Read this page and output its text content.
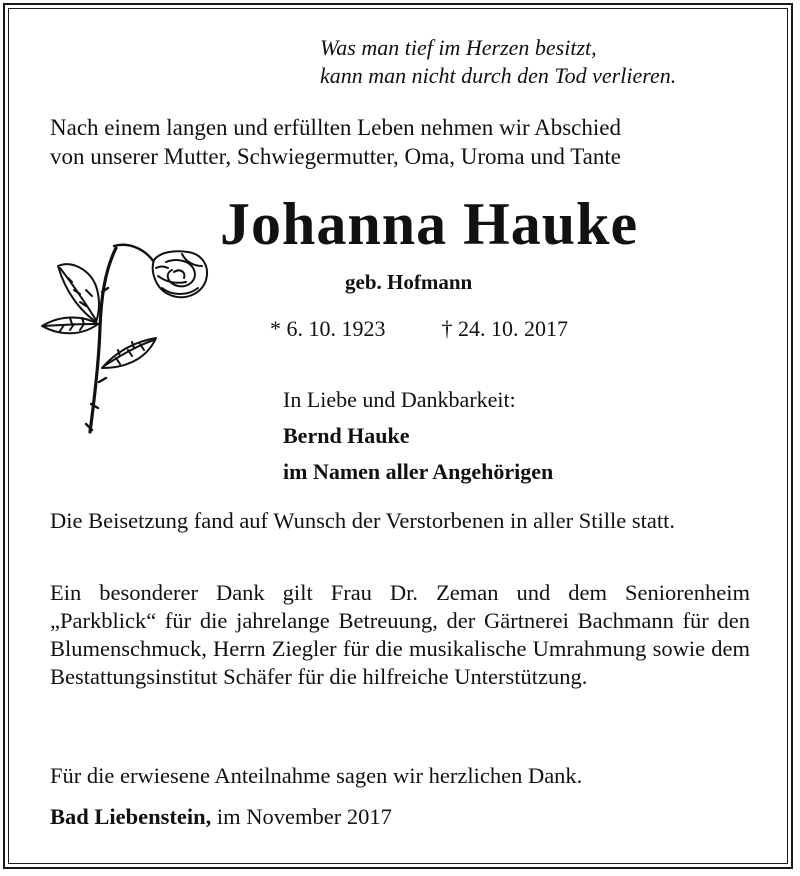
Was man tief im Herzen besitzt,
kann man nicht durch den Tod verlieren.
Nach einem langen und erfüllten Leben nehmen wir Abschied
von unserer Mutter, Schwiegermutter, Oma, Uroma und Tante
Johanna Hauke
geb. Hofmann
* 6. 10. 1923	† 24. 10. 2017
In Liebe und Dankbarkeit:
Bernd Hauke
im Namen aller Angehörigen
Die Beisetzung fand auf Wunsch der Verstorbenen in aller Stille statt.
Ein besonderer Dank gilt Frau Dr. Zeman und dem Seniorenheim „Parkblick“ für die jahrelange Betreuung, der Gärtnerei Bachmann für den Blumenschmuck, Herrn Ziegler für die musikalische Umrahmung sowie dem Bestattungsinstitut Schäfer für die hilfreiche Unterstützung.
Für die erwiesene Anteilnahme sagen wir herzlichen Dank.
Bad Liebenstein, im November 2017
